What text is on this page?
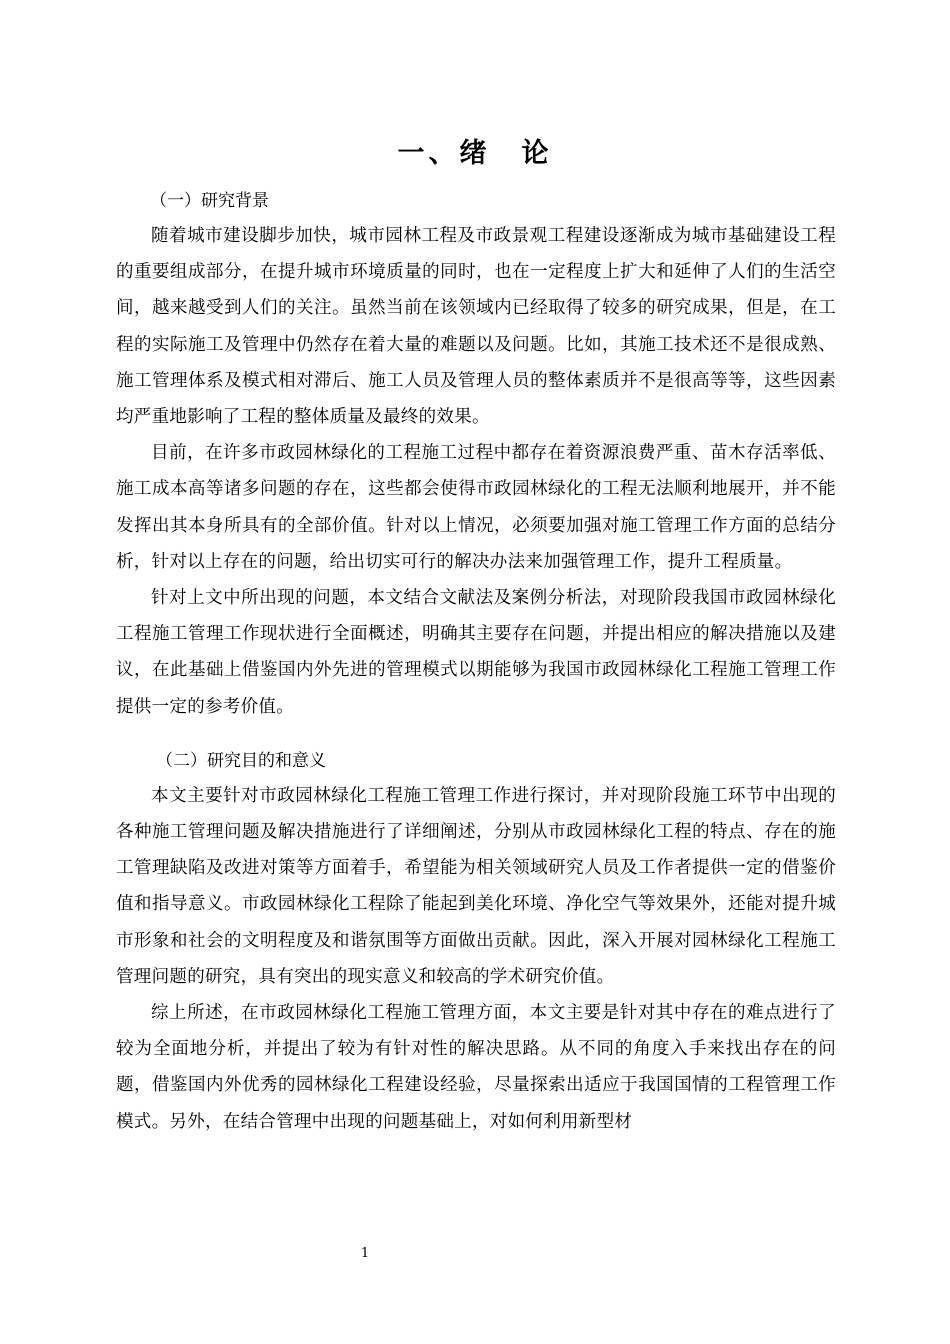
一、绪　论
（一）研究背景

随着城市建设脚步加快，城市园林工程及市政景观工程建设逐渐成为城市基础建设工程的重要组成部分，在提升城市环境质量的同时，也在一定程度上扩大和延伸了人们的生活空间，越来越受到人们的关注。虽然当前在该领域内已经取得了较多的研究成果，但是，在工程的实际施工及管理中仍然存在着大量的难题以及问题。比如，其施工技术还不是很成熟、施工管理体系及模式相对滞后、施工人员及管理人员的整体素质并不是很高等等，这些因素均严重地影响了工程的整体质量及最终的效果。

目前，在许多市政园林绿化的工程施工过程中都存在着资源浪费严重、苗木存活率低、施工成本高等诸多问题的存在，这些都会使得市政园林绿化的工程无法顺利地展开，并不能发挥出其本身所具有的全部价值。针对以上情况，必须要加强对施工管理工作方面的总结分析，针对以上存在的问题，给出切实可行的解决办法来加强管理工作，提升工程质量。

针对上文中所出现的问题，本文结合文献法及案例分析法，对现阶段我国市政园林绿化工程施工管理工作现状进行全面概述，明确其主要存在问题，并提出相应的解决措施以及建议，在此基础上借鉴国内外先进的管理模式以期能够为我国市政园林绿化工程施工管理工作提供一定的参考价值。

（二）研究目的和意义

本文主要针对市政园林绿化工程施工管理工作进行探讨，并对现阶段施工环节中出现的各种施工管理问题及解决措施进行了详细阐述，分别从市政园林绿化工程的特点、存在的施工管理缺陷及改进对策等方面着手，希望能为相关领域研究人员及工作者提供一定的借鉴价值和指导意义。市政园林绿化工程除了能起到美化环境、净化空气等效果外，还能对提升城市形象和社会的文明程度及和谐氛围等方面做出贡献。因此，深入开展对园林绿化工程施工管理问题的研究，具有突出的现实意义和较高的学术研究价值。

综上所述，在市政园林绿化工程施工管理方面，本文主要是针对其中存在的难点进行了较为全面地分析，并提出了较为有针对性的解决思路。从不同的角度入手来找出存在的问题，借鉴国内外优秀的园林绿化工程建设经验，尽量探索出适应于我国国情的工程管理工作模式。另外，在结合管理中出现的问题基础上，对如何利用新型材

1
